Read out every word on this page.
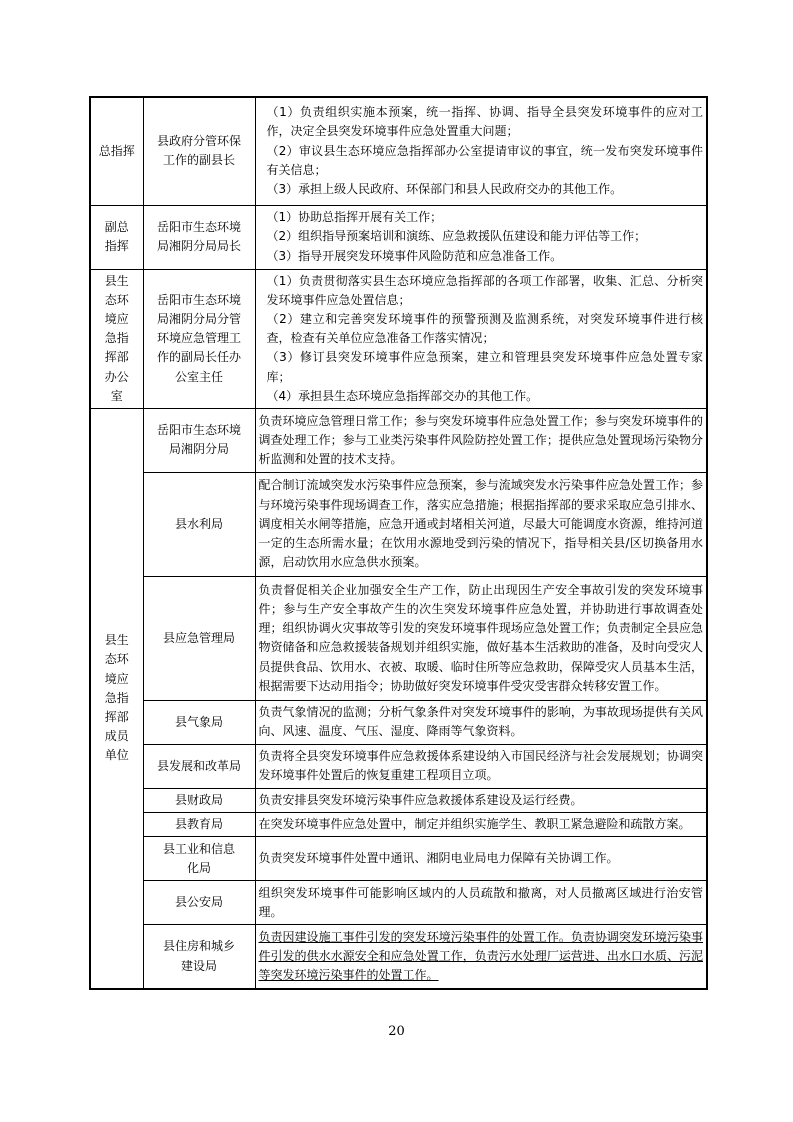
总指挥	县政府分管环保工作的副县长	（1）负责组织实施本预案，统一指挥、协调、指导全县突发环境事件的应对工作，决定全县突发环境事件应急处置重大问题；

（2）审议县生态环境应急指挥部办公室提请审议的事宜，统一发布突发环境事件有关信息；

（3）承担上级人民政府、环保部门和县人民政府交办的其他工作。

副总指挥	岳阳市生态环境局湘阴分局局长	（1）协助总指挥开展有关工作；

（2）组织指导预案培训和演练、应急救援队伍建设和能力评估等工作；

（3）指导开展突发环境事件风险防范和应急准备工作。

县生态环境应急指挥部办公室	岳阳市生态环境局湘阴分局分管环境应急管理工作的副局长任办公室主任	（1）负责贯彻落实县生态环境应急指挥部的各项工作部署，收集、汇总、分析突发环境事件应急处置信息；

（2）建立和完善突发环境事件的预警预测及监测系统，对突发环境事件进行核查，检查有关单位应急准备工作落实情况；

（3）修订县突发环境事件应急预案，建立和管理县突发环境事件应急处置专家库；

（4）承担县生态环境应急指挥部交办的其他工作。

县生态环境应急指挥部成员单位	岳阳市生态环境局湘阴分局	负责环境应急管理日常工作；参与突发环境事件应急处置工作；参与突发环境事件的调查处理工作；参与工业类污染事件风险防控处置工作；提供应急处置现场污染物分析监测和处置的技术支持。

	县水利局	配合制订流域突发水污染事件应急预案，参与流域突发水污染事件应急处置工作；参与环境污染事件现场调查工作，落实应急措施；根据指挥部的要求采取应急引排水、调度相关水闸等措施，应急开通或封堵相关河道，尽最大可能调度水资源，维持河道一定的生态所需水量；在饮用水源地受到污染的情况下，指导相关县/区切换备用水源，启动饮用水应急供水预案。

	县应急管理局	负责督促相关企业加强安全生产工作，防止出现因生产安全事故引发的突发环境事件；参与生产安全事故产生的次生突发环境事件应急处置，并协助进行事故调查处理；组织协调火灾事故等引发的突发环境事件现场应急处置工作；负责制定全县应急物资储备和应急救援装备规划并组织实施，做好基本生活救助的准备，及时向受灾人员提供食品、饮用水、衣被、取暖、临时住所等应急救助，保障受灾人员基本生活，根据需要下达动用指令；协助做好突发环境事件受灾受害群众转移安置工作。

	县气象局	负责气象情况的监测；分析气象条件对突发环境事件的影响，为事故现场提供有关风向、风速、温度、气压、湿度、降雨等气象资料。

	县发展和改革局	负责将全县突发环境事件应急救援体系建设纳入市国民经济与社会发展规划；协调突发环境事件处置后的恢复重建工程项目立项。

	县财政局	负责安排县突发环境污染事件应急救援体系建设及运行经费。

	县教育局	在突发环境事件应急处置中，制定并组织实施学生、教职工紧急避险和疏散方案。

	县工业和信息化局	负责突发环境事件处置中通讯、湘阴电业局电力保障有关协调工作。

	县公安局	组织突发环境事件可能影响区域内的人员疏散和撤离，对人员撤离区域进行治安管理。

	县住房和城乡建设局	负责因建设施工事件引发的突发环境污染事件的处置工作。负责协调突发环境污染事件引发的供水水源安全和应急处置工作，负责污水处理厂运营进、出水口水质、污泥等突发环境污染事件的处置工作。

20
